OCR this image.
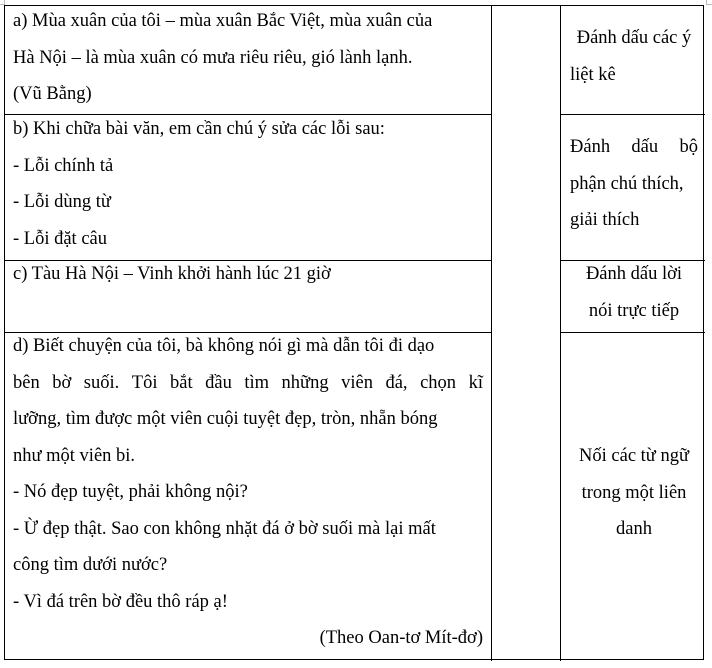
a) Mùa xuân của tôi – mùa xuân Bắc Việt, mùa xuân của

Hà Nội – là mùa xuân có mưa riêu riêu, gió lành lạnh.

(Vũ Bằng)

Đánh dấu các ý

liệt kê

b) Khi chữa bài văn, em cần chú ý sửa các lỗi sau:

- Lỗi chính tả

- Lỗi dùng từ

- Lỗi đặt câu

Đánh dấu bộ

phận chú thích,

giải thích

c) Tàu Hà Nội – Vinh khởi hành lúc 21 giờ	Đánh dấu lời

nói trực tiếp

d) Biết chuyện của tôi, bà không nói gì mà dẫn tôi đi dạo

bên bờ suối. Tôi bắt đầu tìm những viên đá, chọn kĩ

lưỡng, tìm được một viên cuội tuyệt đẹp, tròn, nhẵn bóng

như một viên bi.

- Nó đẹp tuyệt, phải không nội?

- Ừ đẹp thật. Sao con không nhặt đá ở bờ suối mà lại mất

công tìm dưới nước?

- Vì đá trên bờ đều thô ráp ạ!

(Theo Oan-tơ Mít-đơ)

Nối các từ ngữ

trong một liên

danh
